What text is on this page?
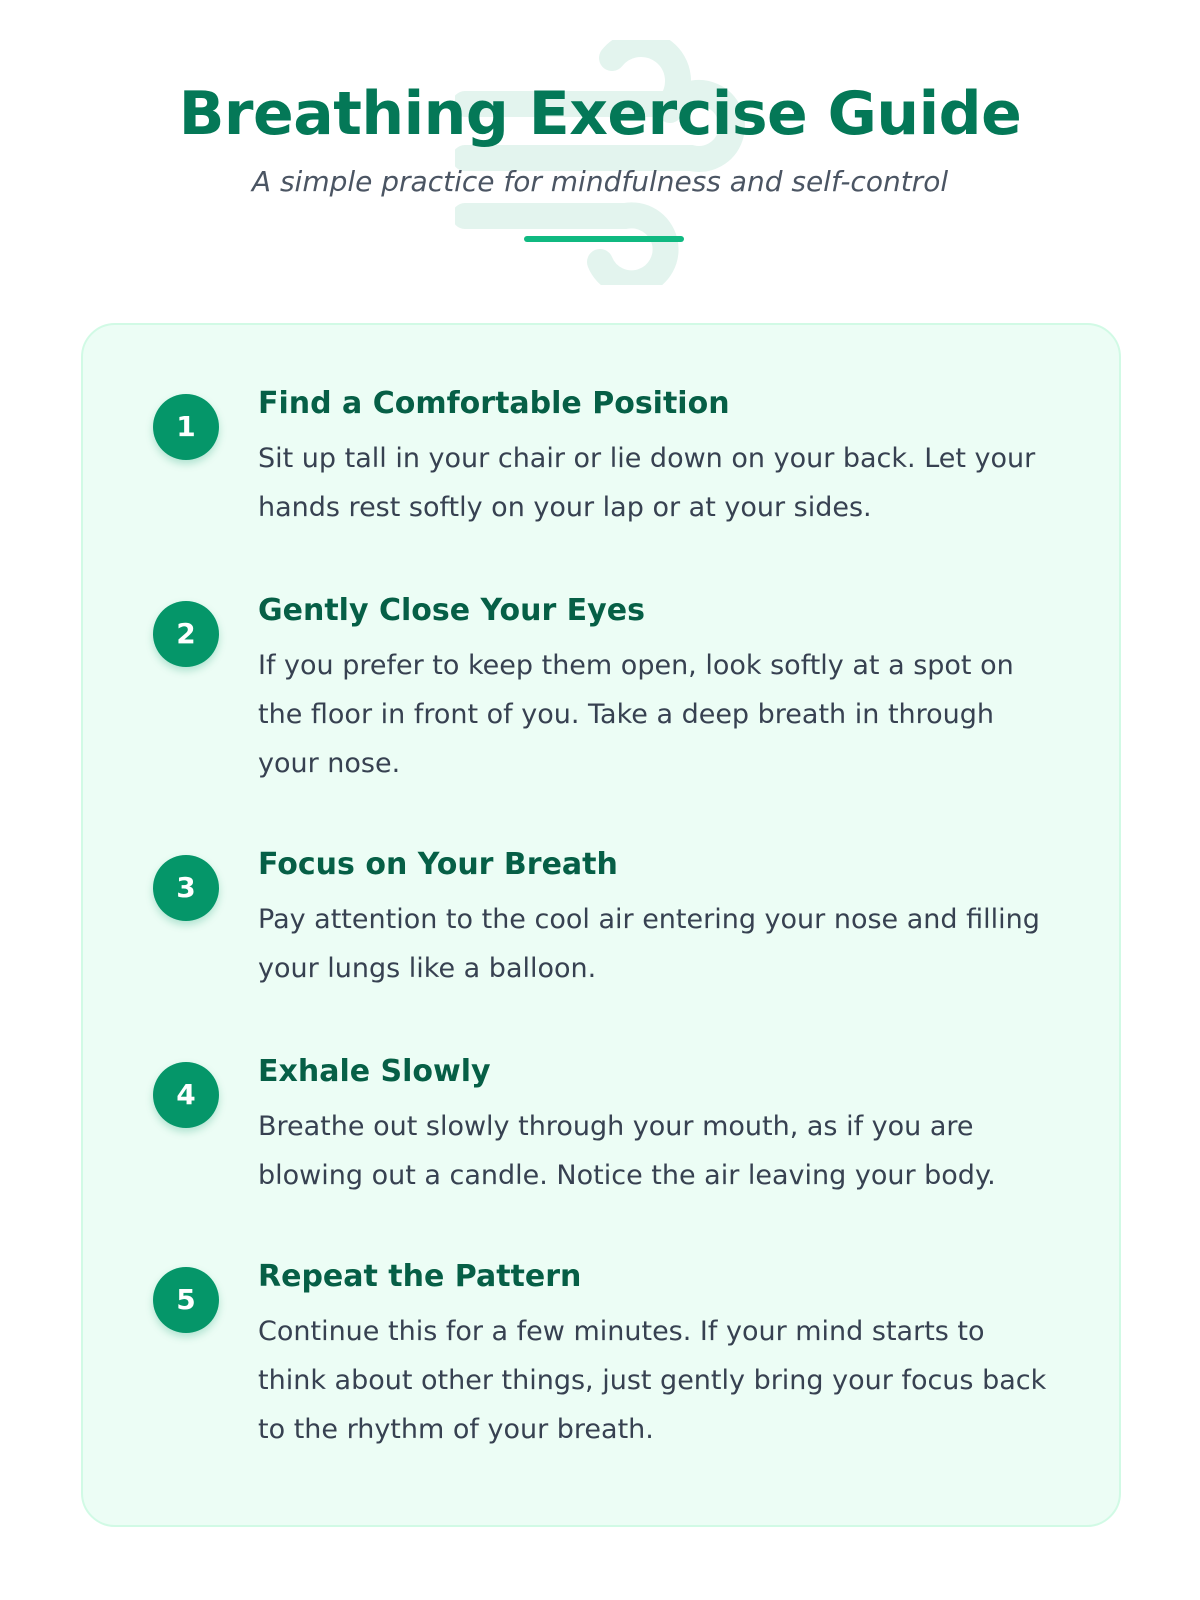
Breathing Exercise Guide

A simple practice for mindfulness and self-control

1
Find a Comfortable Position

Sit up tall in your chair or lie down on your back. Let your hands rest softly on your lap or at your sides.

2
Gently Close Your Eyes

If you prefer to keep them open, look softly at a spot on the floor in front of you. Take a deep breath in through your nose.

3
Focus on Your Breath

Pay attention to the cool air entering your nose and filling your lungs like a balloon.

4
Exhale Slowly

Breathe out slowly through your mouth, as if you are blowing out a candle. Notice the air leaving your body.

5
Repeat the Pattern

Continue this for a few minutes. If your mind starts to think about other things, just gently bring your focus back to the rhythm of your breath.
